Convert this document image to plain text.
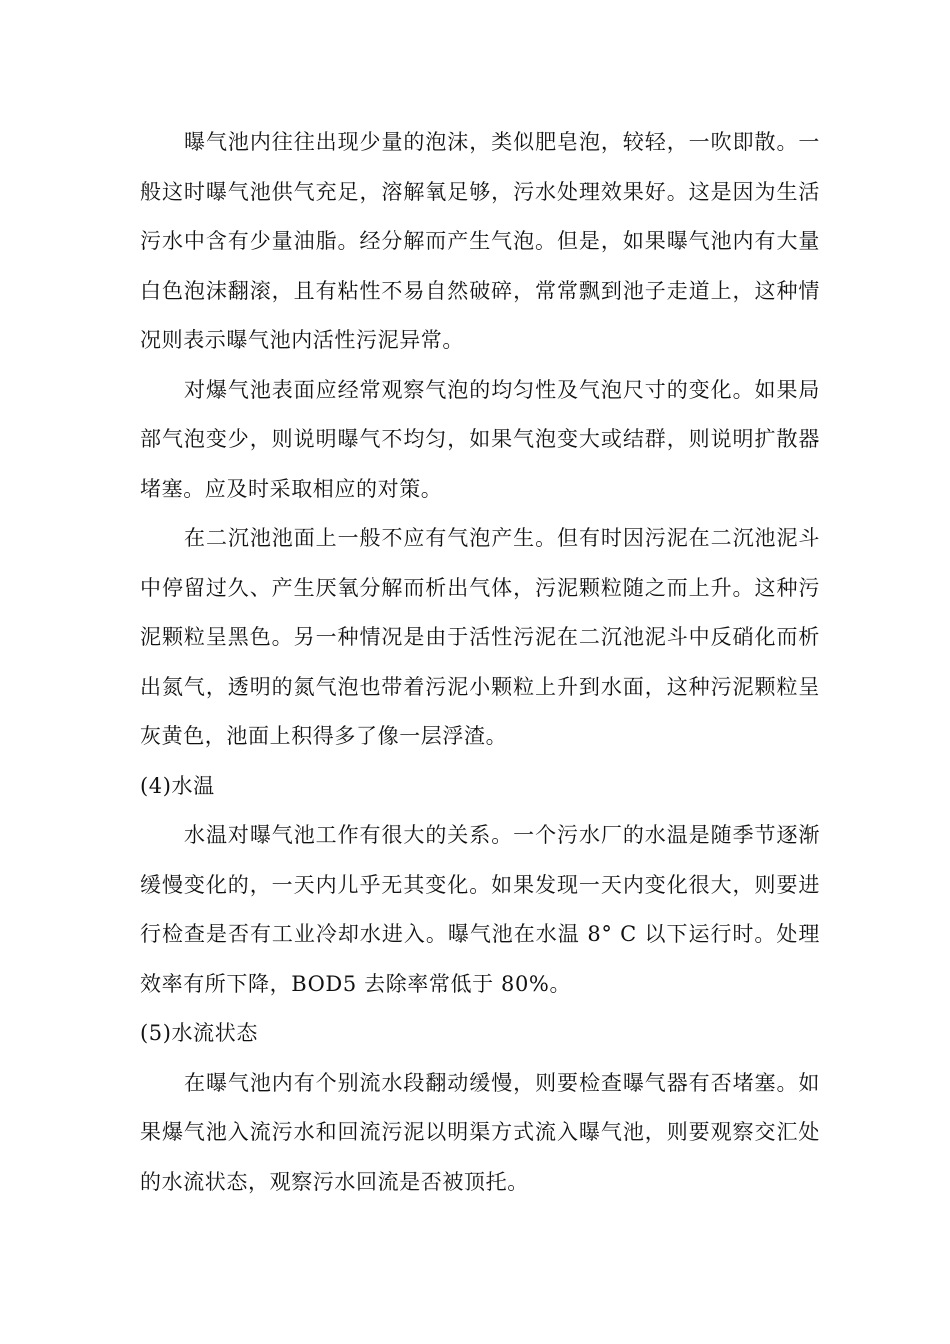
曝气池内往往出现少量的泡沫，类似肥皂泡，较轻，一吹即散。一般这时曝气池供气充足，溶解氧足够，污水处理效果好。这是因为生活污水中含有少量油脂。经分解而产生气泡。但是，如果曝气池内有大量白色泡沫翻滚，且有粘性不易自然破碎，常常飘到池子走道上，这种情况则表示曝气池内活性污泥异常。

对爆气池表面应经常观察气泡的均匀性及气泡尺寸的变化。如果局部气泡变少，则说明曝气不均匀，如果气泡变大或结群，则说明扩散器堵塞。应及时采取相应的对策。

在二沉池池面上一般不应有气泡产生。但有时因污泥在二沉池泥斗中停留过久、产生厌氧分解而析出气体，污泥颗粒随之而上升。这种污泥颗粒呈黑色。另一种情况是由于活性污泥在二沉池泥斗中反硝化而析出氮气，透明的氮气泡也带着污泥小颗粒上升到水面，这种污泥颗粒呈灰黄色，池面上积得多了像一层浮渣。

(4)水温

水温对曝气池工作有很大的关系。一个污水厂的水温是随季节逐渐缓慢变化的，一天内儿乎无其变化。如果发现一天内变化很大，则要进行检查是否有工业冷却水进入。曝气池在水温 8° C 以下运行时。处理效率有所下降，BOD5 去除率常低于 80%。

(5)水流状态

在曝气池内有个别流水段翻动缓慢，则要检查曝气器有否堵塞。如果爆气池入流污水和回流污泥以明渠方式流入曝气池，则要观察交汇处的水流状态，观察污水回流是否被顶托。
